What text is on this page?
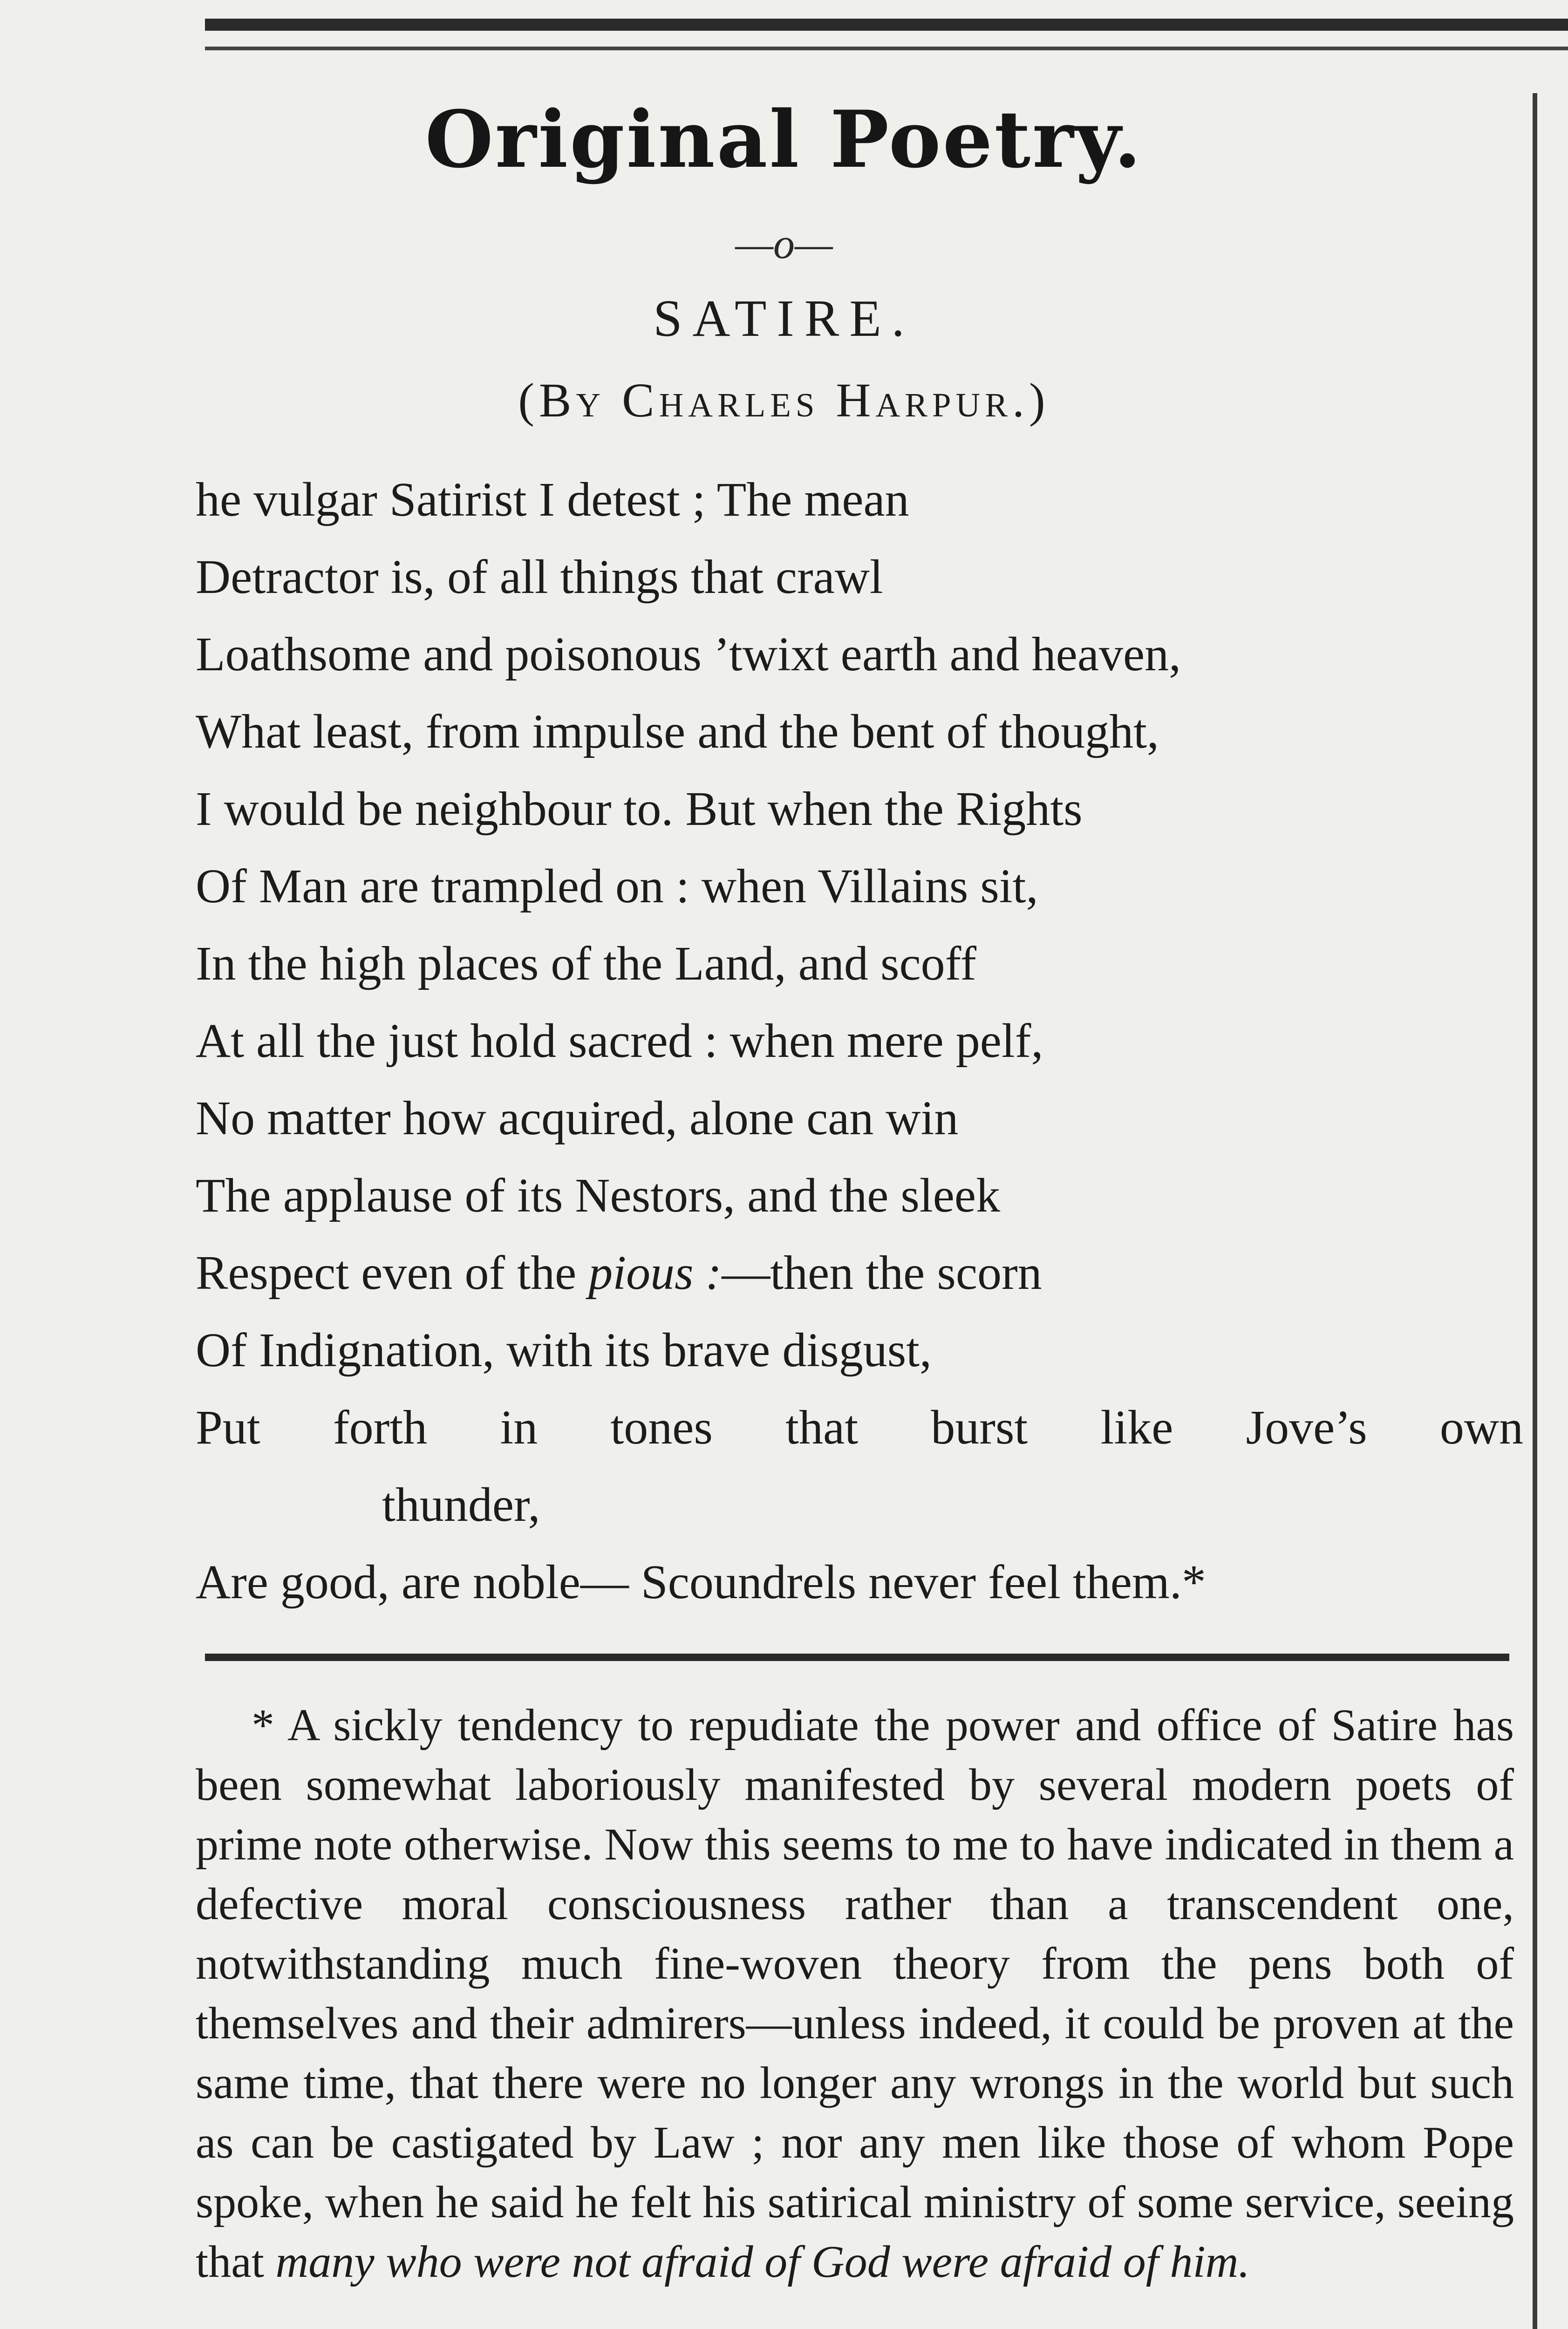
Original Poetry.
—o—
SATIRE.
(By Charles Harpur.)
he vulgar Satirist I detest ; The mean
Detractor is, of all things that crawl
Loathsome and poisonous ’twixt earth and heaven,
What least, from impulse and the bent of thought,
I would be neighbour to. But when the Rights
Of Man are trampled on : when Villains sit,
In the high places of the Land, and scoff
At all the just hold sacred : when mere pelf,
No matter how acquired, alone can win
The applause of its Nestors, and the sleek
Respect even of the pious :—then the scorn
Of Indignation, with its brave disgust,
Put forth in tones that burst like Jove’s own
thunder,
Are good, are noble— Scoundrels never feel them.*

* A sickly tendency to repudiate the power and office of Satire has been somewhat laboriously manifested by several modern poets of prime note otherwise. Now this seems to me to have indicated in them a defective moral consciousness rather than a transcendent one, notwithstanding much fine-woven theory from the pens both of themselves and their admirers—unless indeed, it could be proven at the same time, that there were no longer any wrongs in the world but such as can be castigated by Law ; nor any men like those of whom Pope spoke, when he said he felt his satirical ministry of some service, seeing that many who were not afraid of God were afraid of him.
